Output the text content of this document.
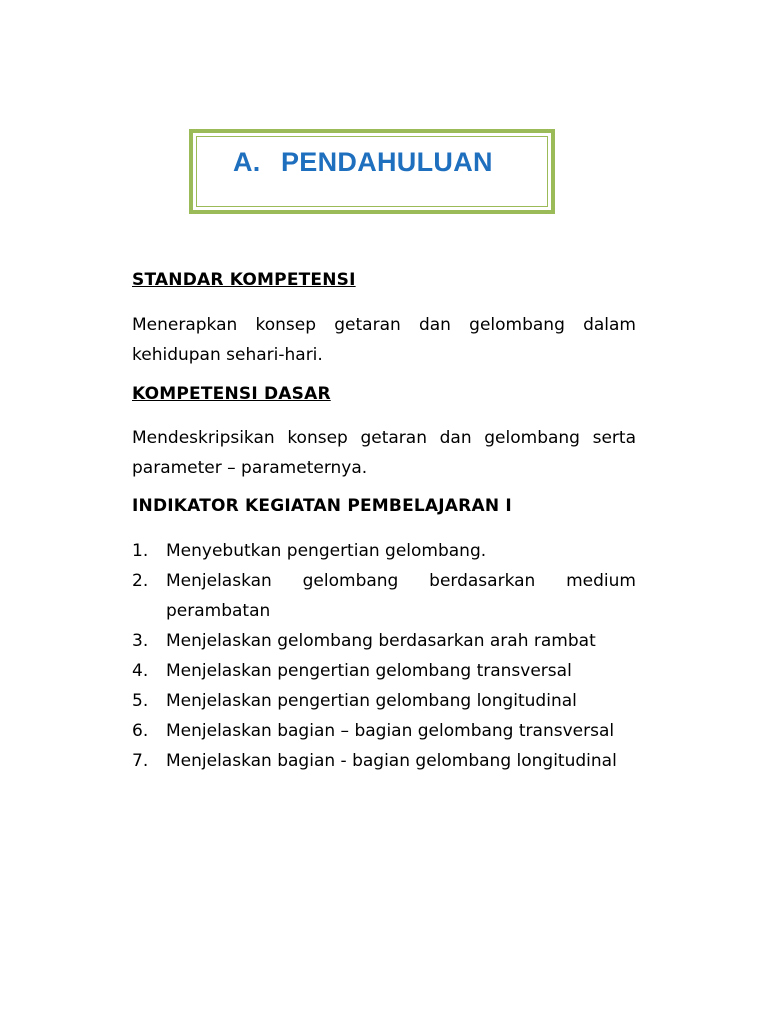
A. PENDAHULUAN
STANDAR KOMPETENSI

Menerapkan konsep getaran dan gelombang dalam kehidupan sehari-hari.

KOMPETENSI DASAR

Mendeskripsikan konsep getaran dan gelombang serta parameter – parameternya.

INDIKATOR KEGIATAN PEMBELAJARAN I
1. Menyebutkan pengertian gelombang.
2. Menjelaskan gelombang berdasarkan medium perambatan
3. Menjelaskan gelombang berdasarkan arah rambat
4. Menjelaskan pengertian gelombang transversal
5. Menjelaskan pengertian gelombang longitudinal
6. Menjelaskan bagian – bagian gelombang transversal
7. Menjelaskan bagian - bagian gelombang longitudinal
